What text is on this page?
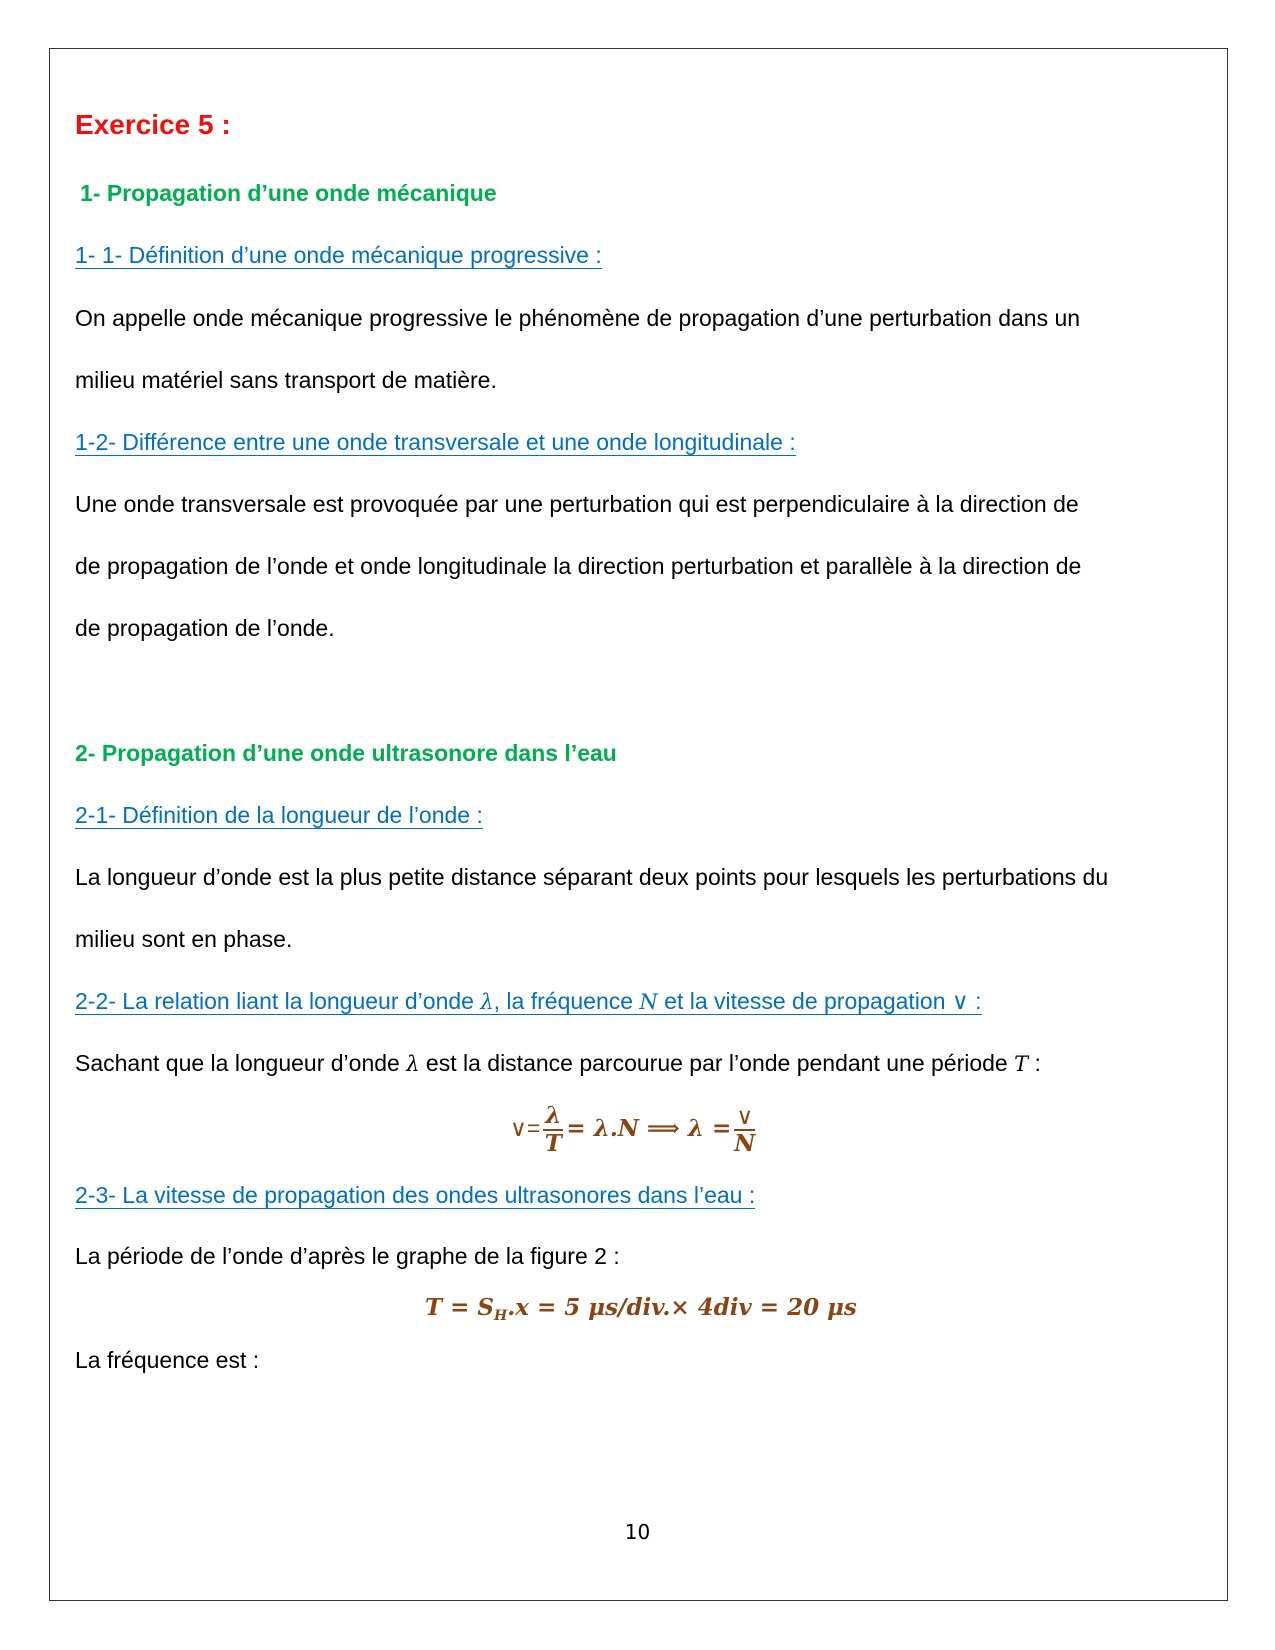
Exercice 5 :
1- Propagation d’une onde mécanique
1- 1- Définition d’une onde mécanique progressive :
On appelle onde mécanique progressive le phénomène de propagation d’une perturbation dans un
milieu matériel sans transport de matière.
1-2- Différence entre une onde transversale et une onde longitudinale :
Une onde transversale est provoquée par une perturbation qui est perpendiculaire à la direction de
de propagation de l’onde et onde longitudinale la direction perturbation et parallèle à la direction de
de propagation de l’onde.
2- Propagation d’une onde ultrasonore dans l’eau
2-1- Définition de la longueur de l’onde :
La longueur d’onde est la plus petite distance séparant deux points pour lesquels les perturbations du
milieu sont en phase.
2-2- La relation liant la longueur d’onde λ, la fréquence N et la vitesse de propagation ∨ :
Sachant que la longueur d’onde λ est la distance parcourue par l’onde pendant une période T :
∨= $\frac{\lambda}{T} = \lambda.N$ ⟹ $\lambda = \frac{\vee}{N}$
2-3- La vitesse de propagation des ondes ultrasonores dans l’eau :
La période de l’onde d’après le graphe de la figure 2 :
$T = S_H.x = 5$ μs/div.× 4div = 20 μs
La fréquence est :
10
